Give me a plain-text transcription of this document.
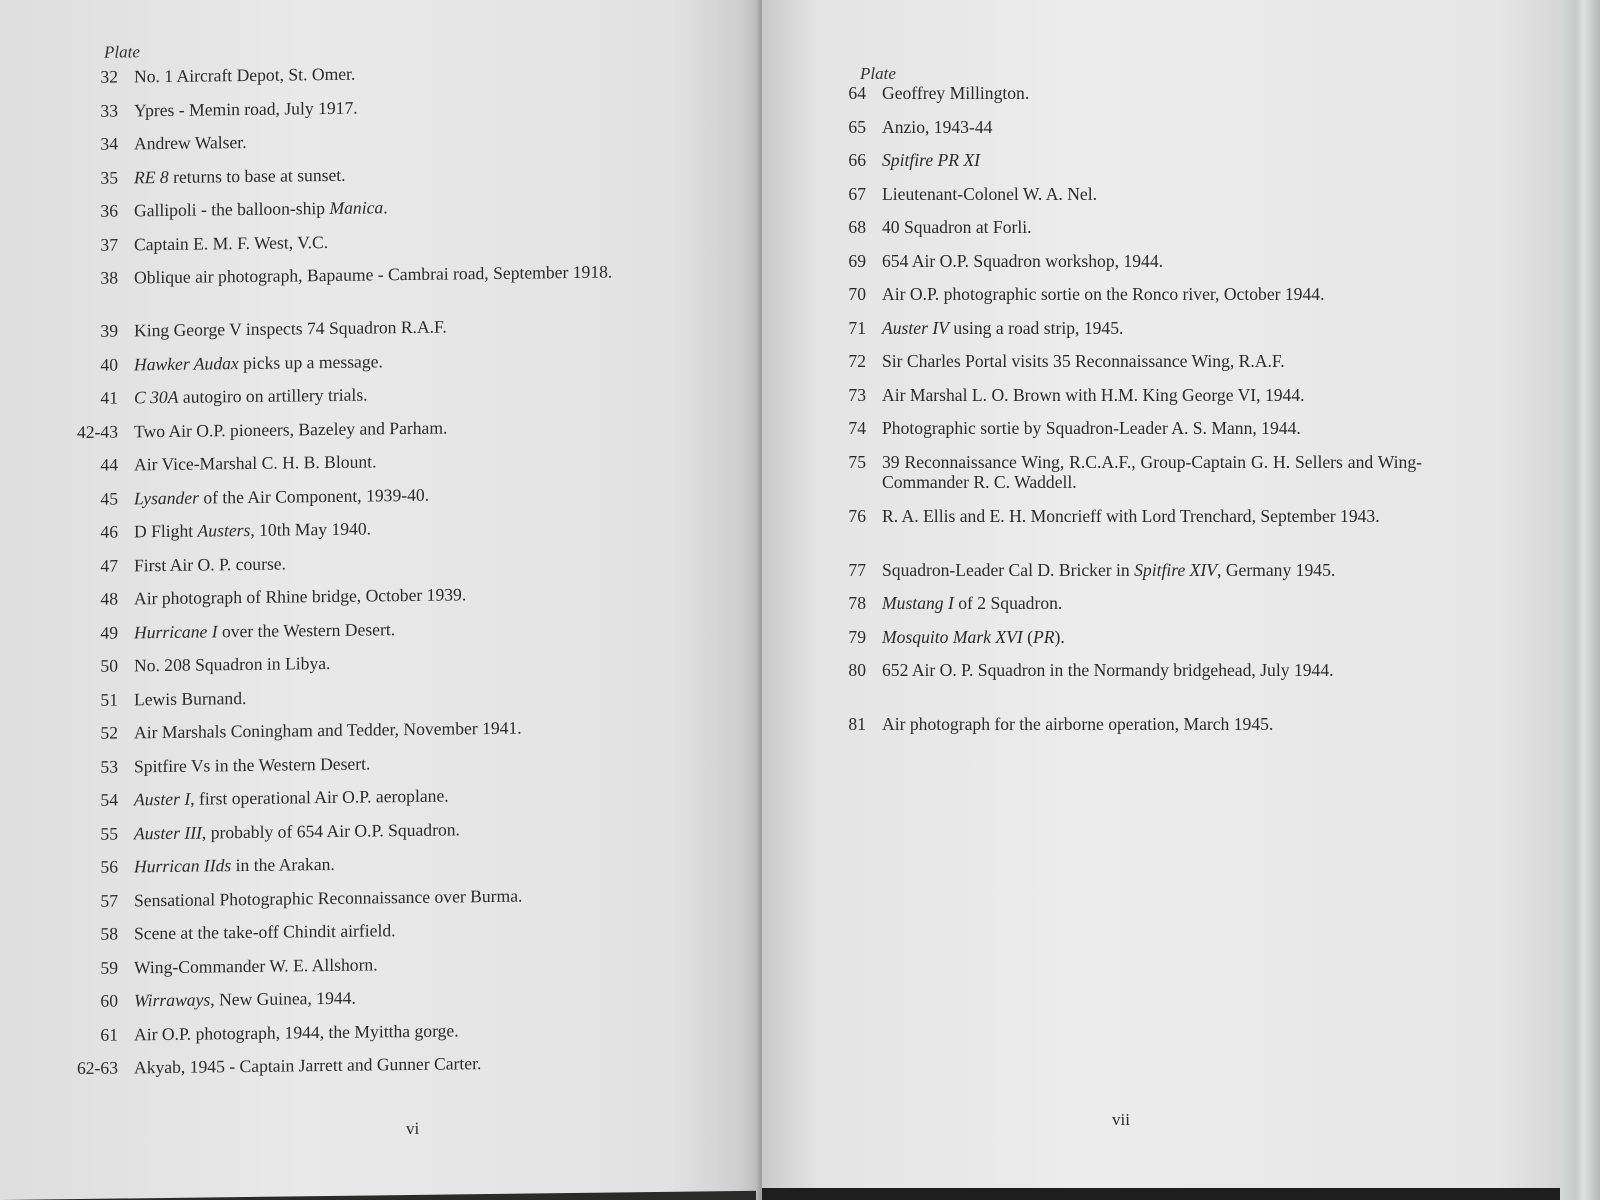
Plate
32 No. 1 Aircraft Depot, St. Omer.
33 Ypres - Memin road, July 1917.
34 Andrew Walser.
35 RE 8 returns to base at sunset.
36 Gallipoli - the balloon-ship Manica.
37 Captain E. M. F. West, V.C.
38 Oblique air photograph, Bapaume - Cambrai road, September 1918.
39 King George V inspects 74 Squadron R.A.F.
40 Hawker Audax picks up a message.
41 C 30A autogiro on artillery trials.
42-43 Two Air O.P. pioneers, Bazeley and Parham.
44 Air Vice-Marshal C. H. B. Blount.
45 Lysander of the Air Component, 1939-40.
46 D Flight Austers, 10th May 1940.
47 First Air O. P. course.
48 Air photograph of Rhine bridge, October 1939.
49 Hurricane I over the Western Desert.
50 No. 208 Squadron in Libya.
51 Lewis Burnand.
52 Air Marshals Coningham and Tedder, November 1941.
53 Spitfire Vs in the Western Desert.
54 Auster I, first operational Air O.P. aeroplane.
55 Auster III, probably of 654 Air O.P. Squadron.
56 Hurrican IIds in the Arakan.
57 Sensational Photographic Reconnaissance over Burma.
58 Scene at the take-off Chindit airfield.
59 Wing-Commander W. E. Allshorn.
60 Wirraways, New Guinea, 1944.
61 Air O.P. photograph, 1944, the Myittha gorge.
62-63 Akyab, 1945 - Captain Jarrett and Gunner Carter.
vi
Plate
64 Geoffrey Millington.
65 Anzio, 1943-44
66 Spitfire PR XI
67 Lieutenant-Colonel W. A. Nel.
68 40 Squadron at Forli.
69 654 Air O.P. Squadron workshop, 1944.
70 Air O.P. photographic sortie on the Ronco river, October 1944.
71 Auster IV using a road strip, 1945.
72 Sir Charles Portal visits 35 Reconnaissance Wing, R.A.F.
73 Air Marshal L. O. Brown with H.M. King George VI, 1944.
74 Photographic sortie by Squadron-Leader A. S. Mann, 1944.
75 39 Reconnaissance Wing, R.C.A.F., Group-Captain G. H. Sellers and Wing-Commander R. C. Waddell.
76 R. A. Ellis and E. H. Moncrieff with Lord Trenchard, September 1943.
77 Squadron-Leader Cal D. Bricker in Spitfire XIV, Germany 1945.
78 Mustang I of 2 Squadron.
79 Mosquito Mark XVI (PR).
80 652 Air O. P. Squadron in the Normandy bridgehead, July 1944.
81 Air photograph for the airborne operation, March 1945.
vii
